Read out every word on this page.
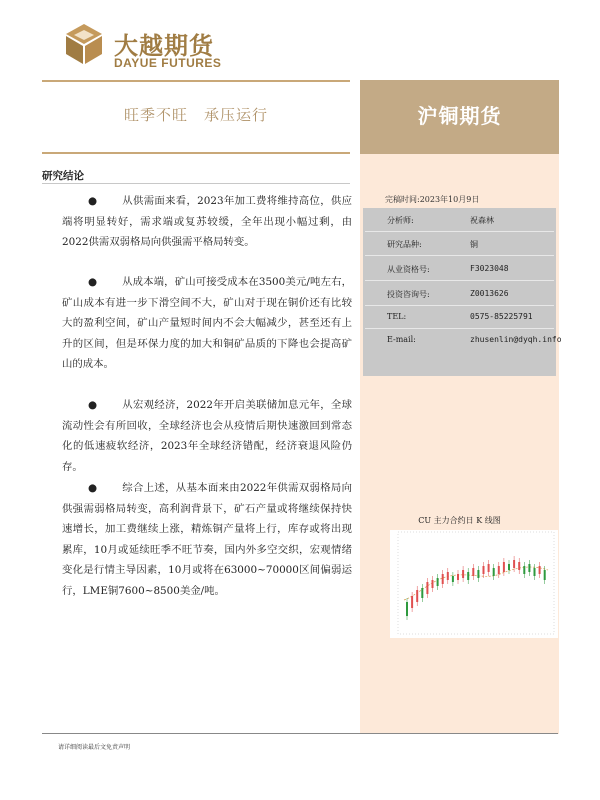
大越期货
DAYUE FUTURES
旺季不旺　承压运行	沪铜期货
研究结论
● 从供需面来看，2023年加工费将维持高位，供应端将明显转好，需求端或复苏较缓，全年出现小幅过剩，由2022供需双弱格局向供强需平格局转变。
● 从成本端，矿山可接受成本在3500美元/吨左右，矿山成本有进一步下滑空间不大，矿山对于现在铜价还有比较大的盈利空间，矿山产量短时间内不会大幅减少，甚至还有上升的区间，但是环保力度的加大和铜矿品质的下降也会提高矿山的成本。
● 从宏观经济，2022年开启美联储加息元年，全球流动性会有所回收，全球经济也会从疫情后期快速激回到常态化的低速疲软经济，2023年全球经济错配，经济衰退风险仍存。
● 综合上述，从基本面来由2022年供需双弱格局向供强需弱格局转变，高利润背景下，矿石产量或将继续保持快速增长，加工费继续上涨，精炼铜产量将上行，库存或将出现累库，10月或延续旺季不旺节奏，国内外多空交织，宏观情绪变化是行情主导因素，10月或将在63000~70000区间偏弱运行，LME铜7600~8500美金/吨。
完稿时间:2023年10月9日
分析师:	祝森林
研究品种:	铜
从业资格号:	F3023048
投资咨询号:	Z0013626
TEL:	0575-85225791
E-mail:	zhusenlin@dyqh.info
CU 主力合约日 K 线图
请详细阅读最后文免责声明
